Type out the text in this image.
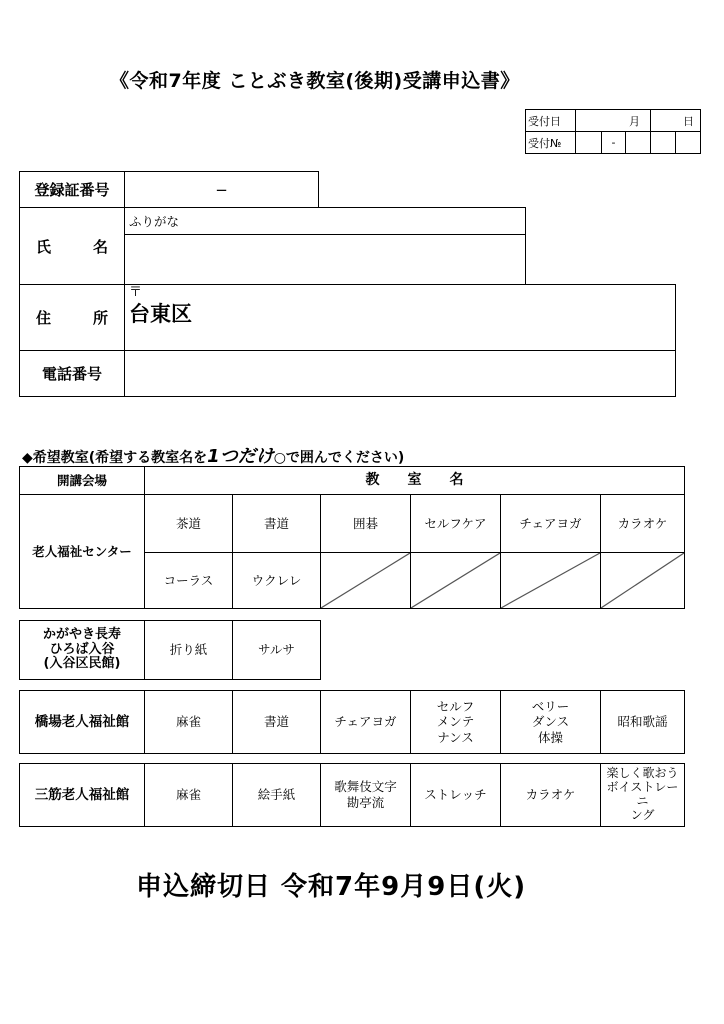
《令和7年度 ことぶき教室(後期)受講申込書》
受付日	月			日	
受付№		-			
登録証番号	−
氏	名
ふりがな
住	所
〒
台東区
電話番号
◆希望教室(希望する教室名を1つだけ○で囲んでください)
開講会場	教　　室　　名					
老人福祉センター	茶道	書道	囲碁	セルフケア	チェアヨガ	カラオケ
	コーラス	ウクレレ	

かがやき長寿
ひろば入谷
(入谷区民館)
	折り紙	サルサ
橋場老人福祉館	麻雀	書道	チェアヨガ	セルフ
メンテ
ナンス	ベリー
ダンス
体操	昭和歌謡
三筋老人福祉館	麻雀	絵手紙	歌舞伎文字
勘亭流	ストレッチ	カラオケ	楽しく歌おう
ボイストレーニ
ング
申込締切日 令和7年9月9日(火)
